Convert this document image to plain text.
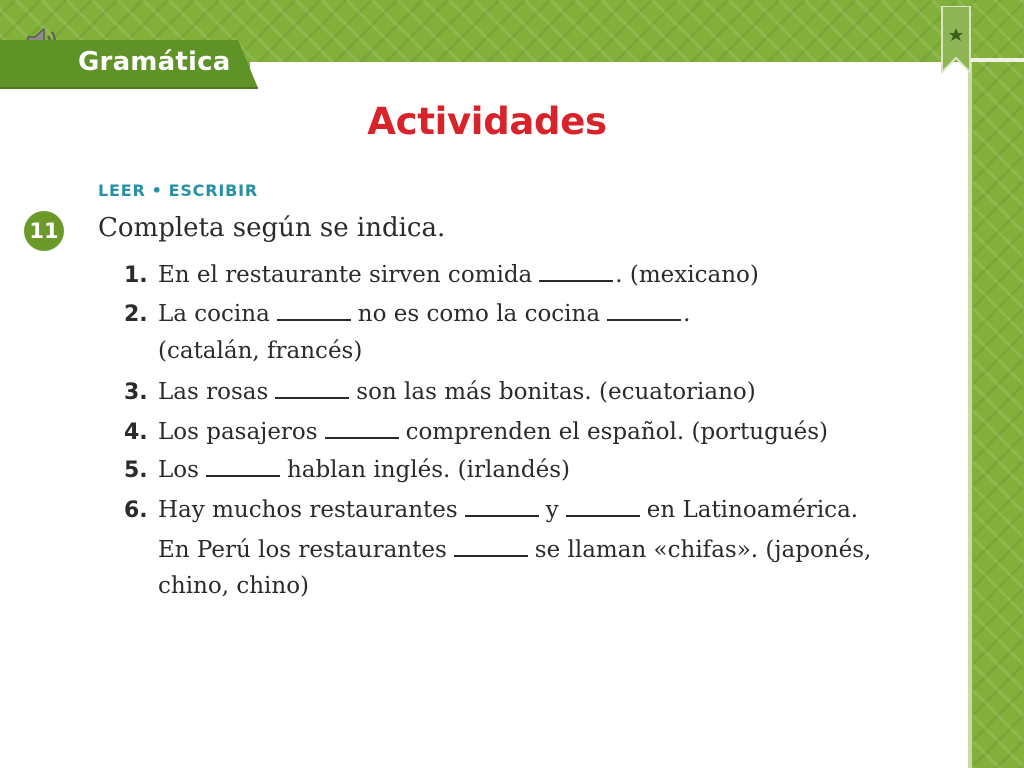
Gramática
Actividades
LEER • ESCRIBIR
11 Completa según se indica.
1. En el restaurante sirven comida	. (mexicano)
2. La cocina	no es como la cocina	.
(catalán, francés)
3. Las rosas	son las más bonitas. (ecuatoriano)
4. Los pasajeros	comprenden el español. (portugués)
5. Los	hablan inglés. (irlandés)
6. Hay muchos restaurantes	y	en Latinoamérica.
En Perú los restaurantes	se llaman «chifas». (japonés,
chino, chino)
